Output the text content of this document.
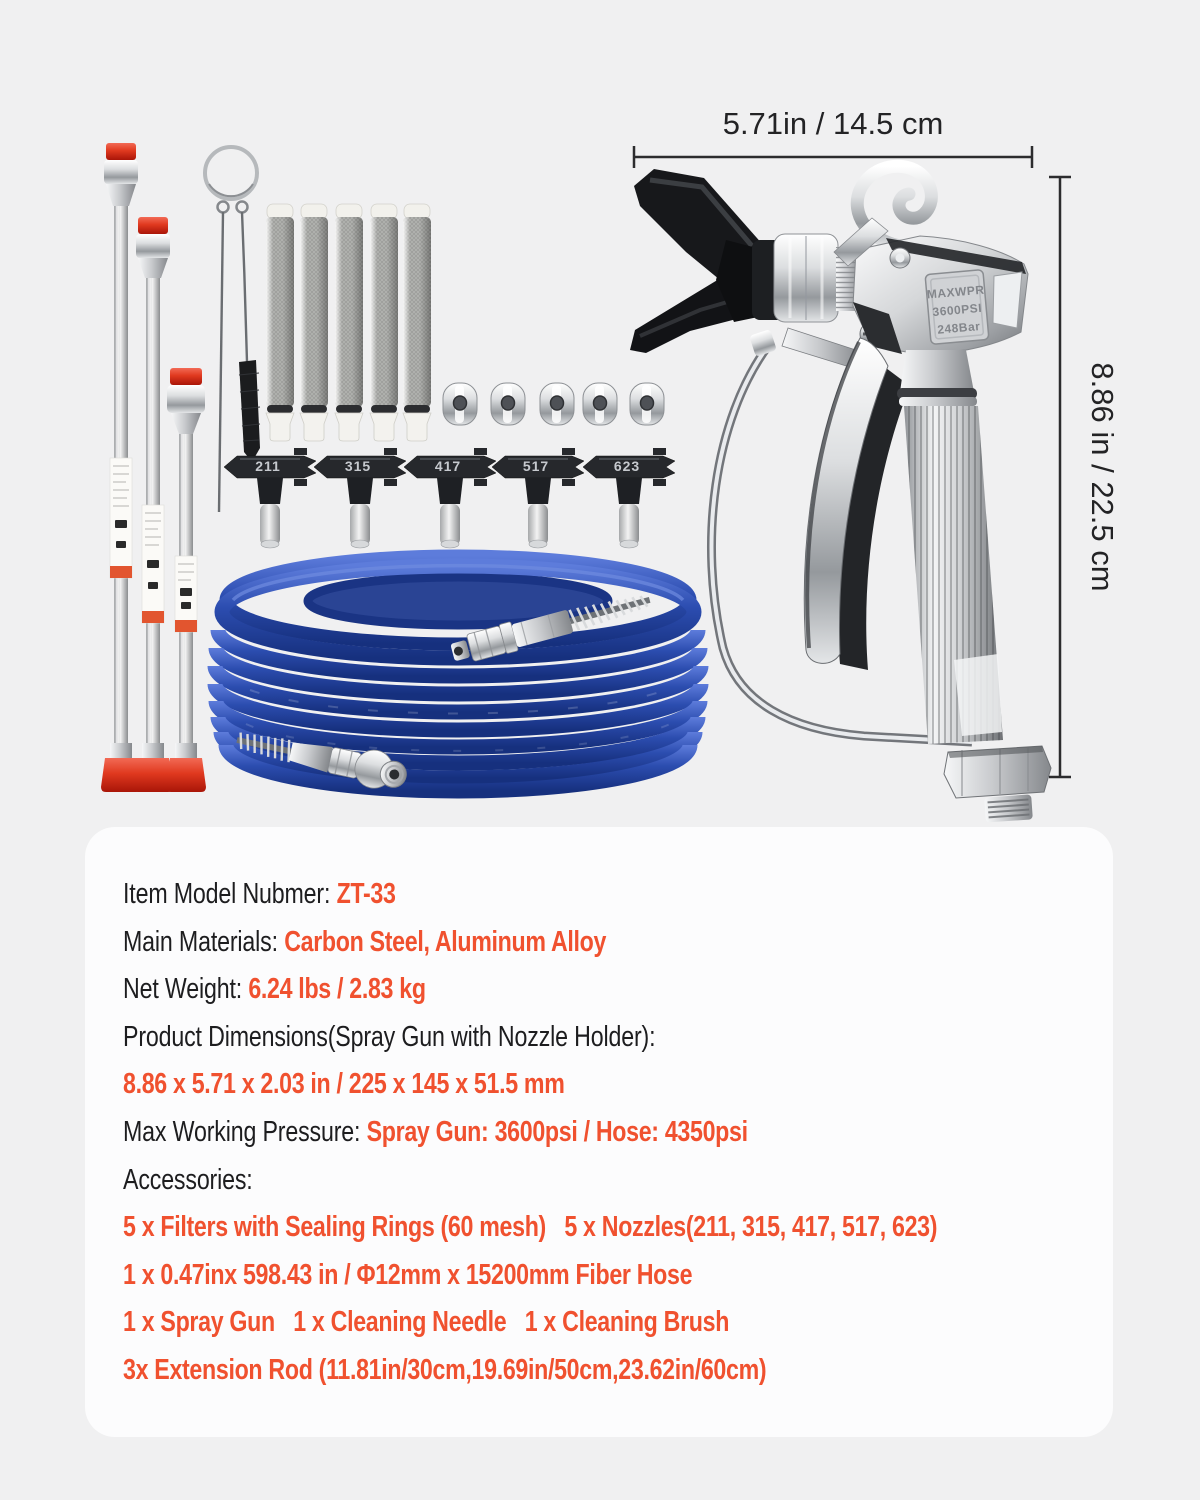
211	315	417	517	623
MAXWPR
3600PSI
248Bar
5.71in / 14.5 cm
8.86 in / 22.5 cm
Item Model Nubmer: ZT-33
Main Materials: Carbon Steel, Aluminum Alloy
Net Weight: 6.24 lbs / 2.83 kg
Product Dimensions(Spray Gun with Nozzle Holder):
8.86 x 5.71 x 2.03 in / 225 x 145 x 51.5 mm
Max Working Pressure: Spray Gun: 3600psi / Hose: 4350psi
Accessories:
5 x Filters with Sealing Rings (60 mesh)   5 x Nozzles(211, 315, 417, 517, 623)
1 x 0.47inx 598.43 in / Φ12mm x 15200mm Fiber Hose
1 x Spray Gun   1 x Cleaning Needle   1 x Cleaning Brush
3x Extension Rod (11.81in/30cm,19.69in/50cm,23.62in/60cm)
